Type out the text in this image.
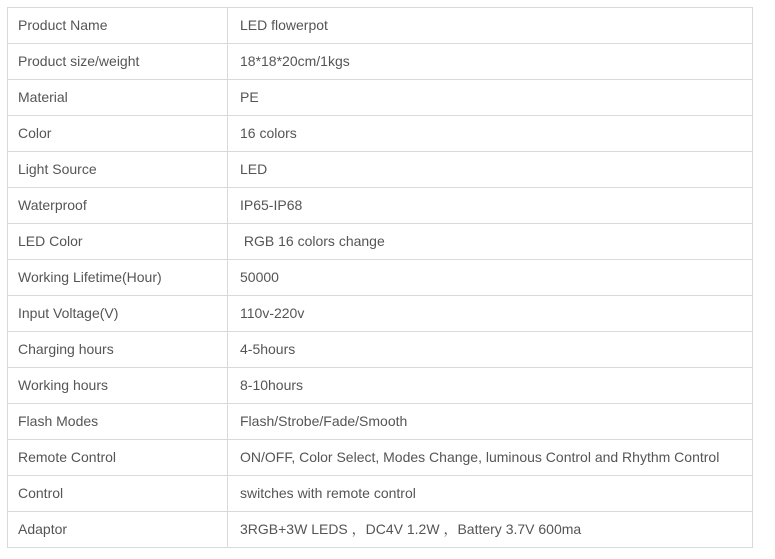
Product Name	LED flowerpot
Product size/weight	18*18*20cm/1kgs
Material	PE
Color	16 colors
Light Source	LED
Waterproof	IP65-IP68
LED Color	RGB 16 colors change
Working Lifetime(Hour)	50000
Input Voltage(V)	110v-220v
Charging hours	4-5hours
Working hours	8-10hours
Flash Modes	Flash/Strobe/Fade/Smooth
Remote Control	ON/OFF, Color Select, Modes Change, luminous Control and Rhythm Control
Control	switches with remote control
Adaptor	3RGB+3W LEDS ，DC4V 1.2W ，Battery 3.7V 600ma
